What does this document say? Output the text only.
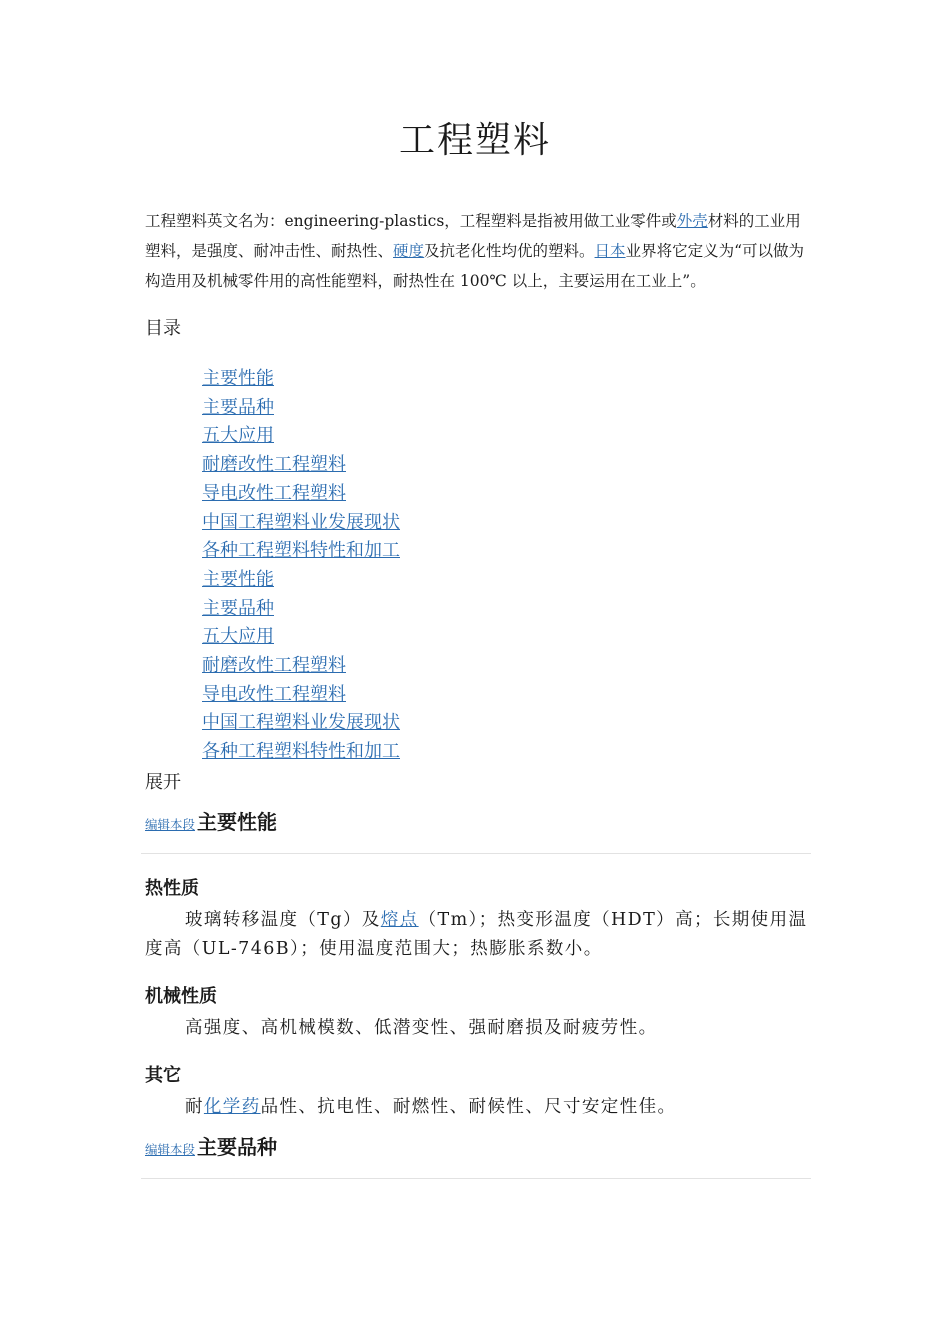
工程塑料
工程塑料英文名为：engineering-plastics，工程塑料是指被用做工业零件或外壳材料的工业用塑料，是强度、耐冲击性、耐热性、硬度及抗老化性均优的塑料。日本业界将它定义为“可以做为构造用及机械零件用的高性能塑料，耐热性在 100℃ 以上，主要运用在工业上”。
目录
主要性能
主要品种
五大应用
耐磨改性工程塑料
导电改性工程塑料
中国工程塑料业发展现状
各种工程塑料特性和加工
主要性能
主要品种
五大应用
耐磨改性工程塑料
导电改性工程塑料
中国工程塑料业发展现状
各种工程塑料特性和加工
展开
编辑本段 主要性能
热性质
玻璃转移温度（Tg）及熔点（Tm）；热变形温度（HDT）高；长期使用温度高（UL-746B）；使用温度范围大；热膨胀系数小。
机械性质
高强度、高机械模数、低潜变性、强耐磨损及耐疲劳性。
其它
耐化学药品性、抗电性、耐燃性、耐候性、尺寸安定性佳。
编辑本段 主要品种
